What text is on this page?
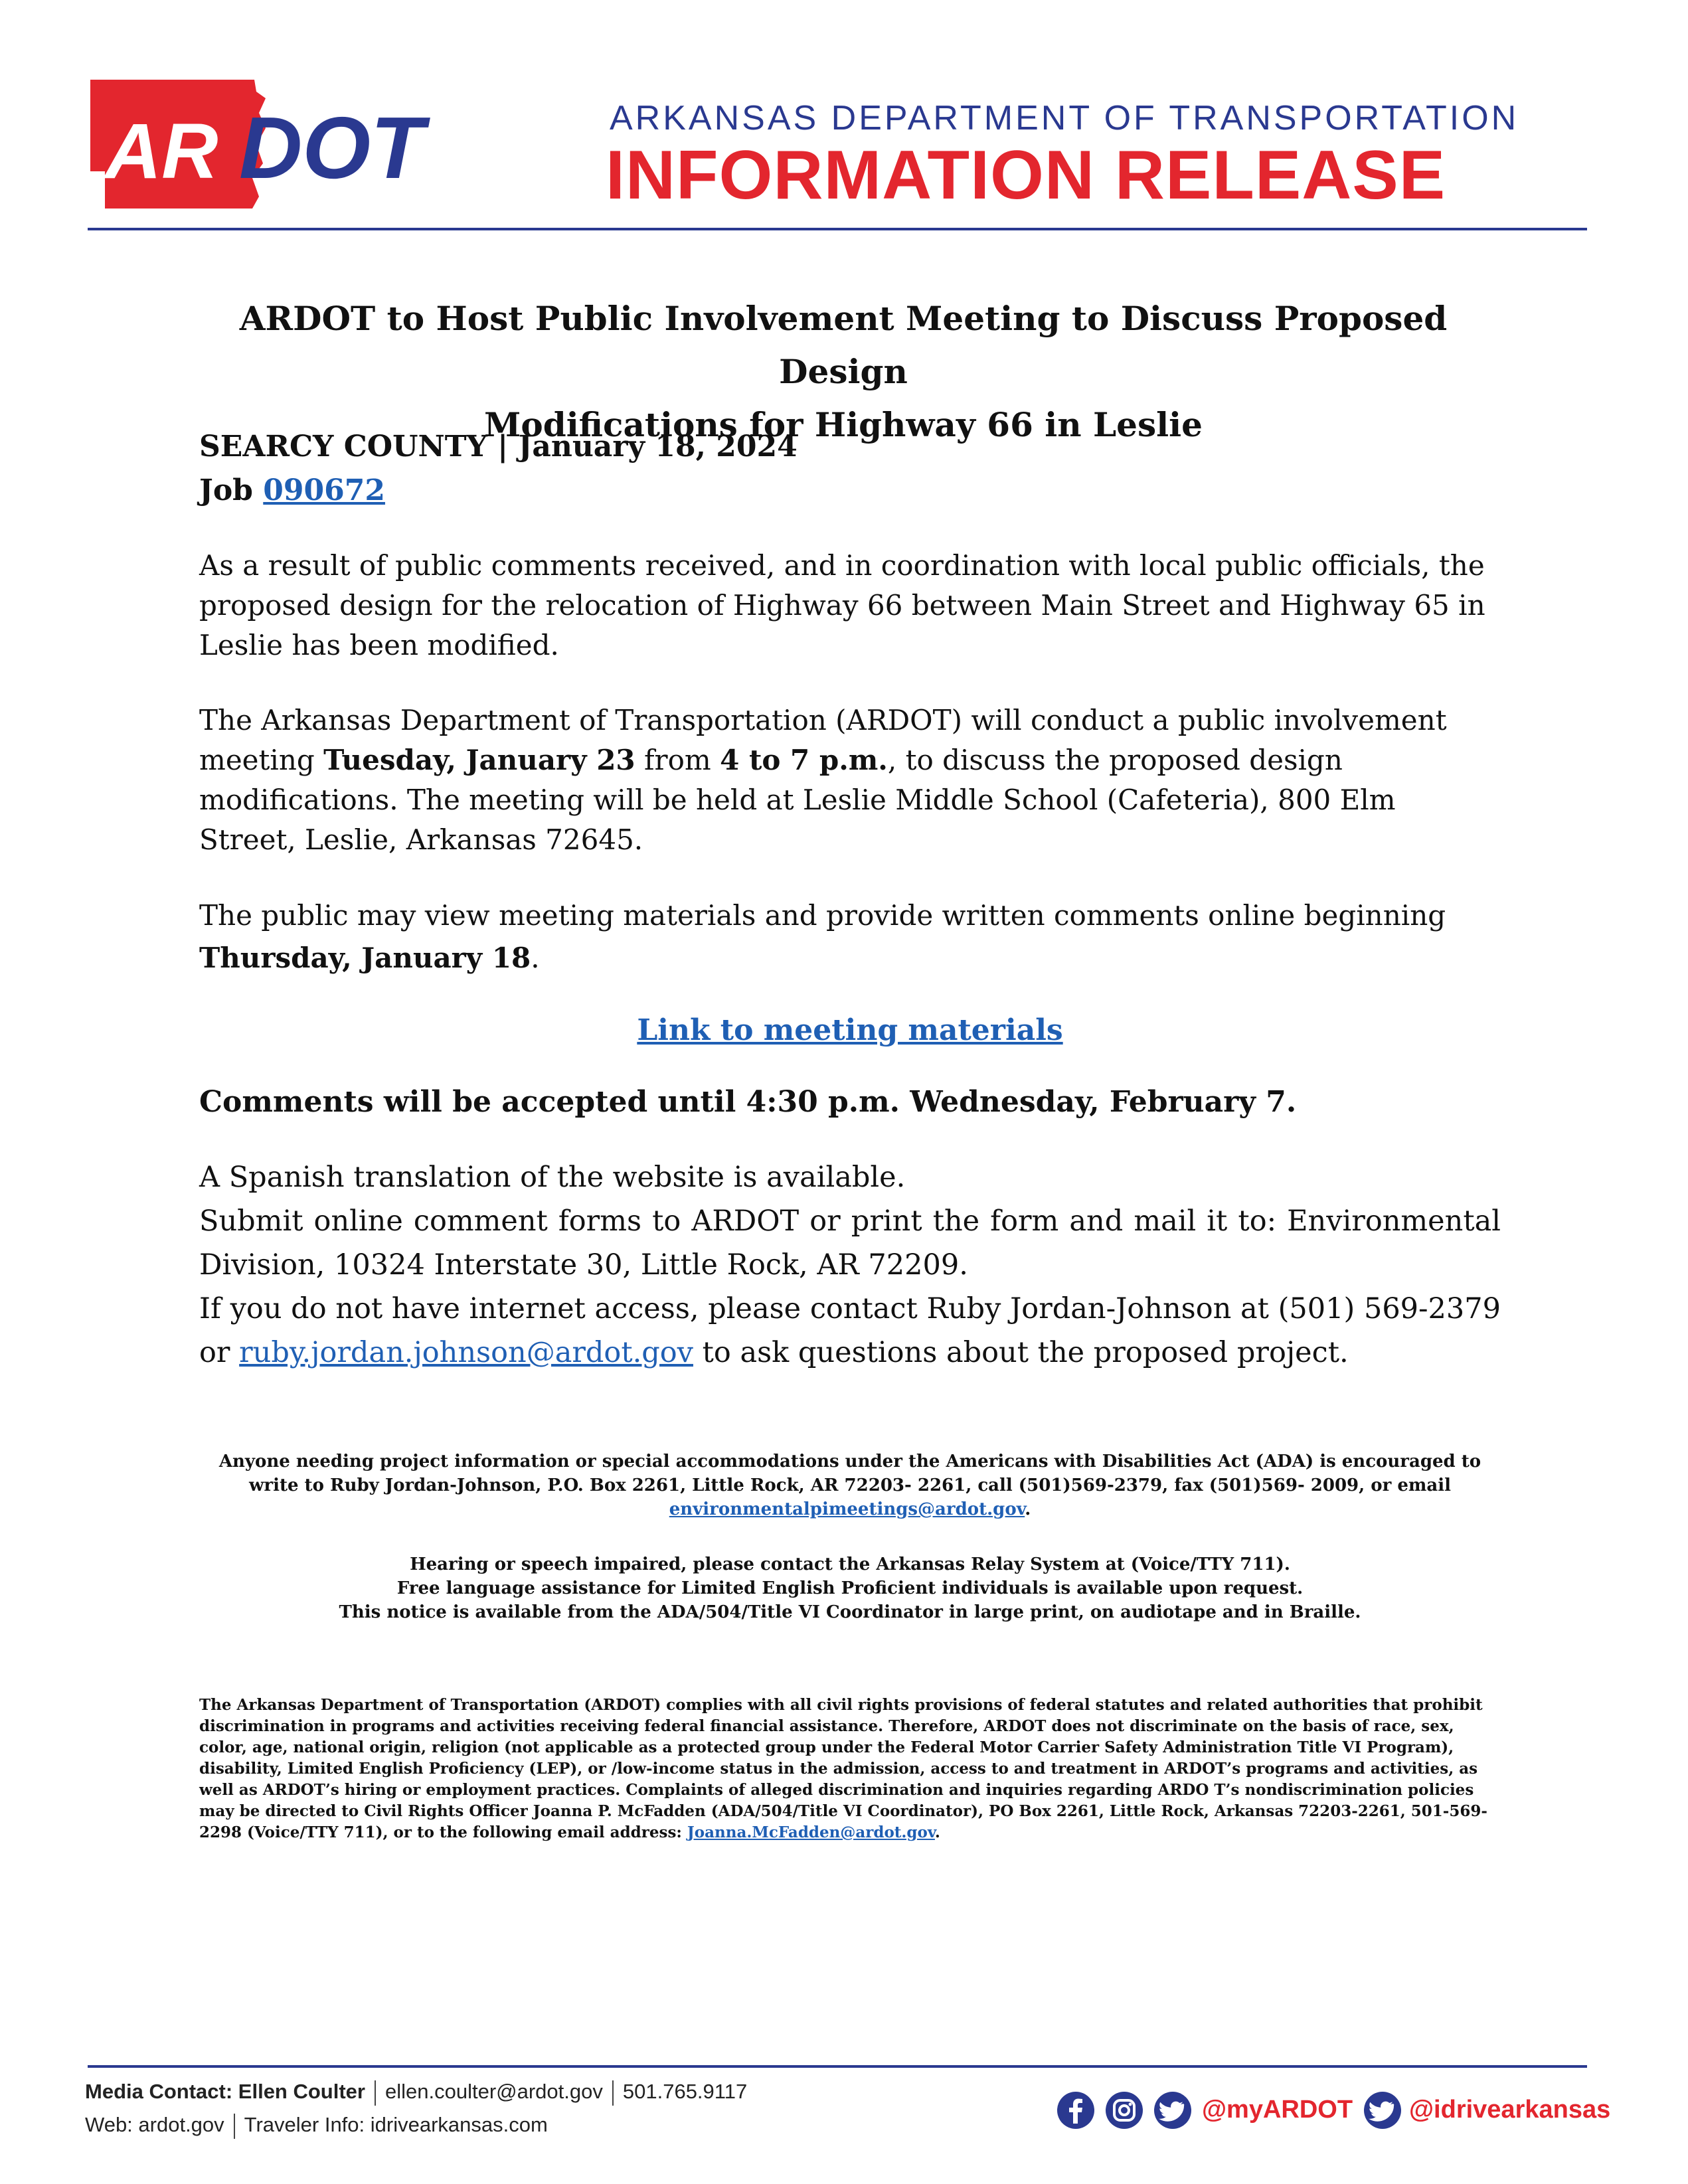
AR DOT	ARKANSAS DEPARTMENT OF TRANSPORTATION
INFORMATION RELEASE
ARDOT to Host Public Involvement Meeting to Discuss Proposed Design
Modifications for Highway 66 in Leslie
SEARCY COUNTY | January 18, 2024
Job 090672

As a result of public comments received, and in coordination with local public officials, the proposed design for the relocation of Highway 66 between Main Street and Highway 65 in Leslie has been modified.

The Arkansas Department of Transportation (ARDOT) will conduct a public involvement meeting Tuesday, January 23 from 4 to 7 p.m., to discuss the proposed design modifications. The meeting will be held at Leslie Middle School (Cafeteria), 800 Elm Street, Leslie, Arkansas 72645.

The public may view meeting materials and provide written comments online beginning Thursday, January 18.

Link to meeting materials
Comments will be accepted until 4:30 p.m. Wednesday, February 7.

A Spanish translation of the website is available.

Submit online comment forms to ARDOT or print the form and mail it to: Environmental Division, 10324 Interstate 30, Little Rock, AR 72209.

If you do not have internet access, please contact Ruby Jordan-Johnson at (501) 569-2379 or ruby.jordan.johnson@ardot.gov to ask questions about the proposed project.

Anyone needing project information or special accommodations under the Americans with Disabilities Act (ADA) is encouraged to write to Ruby Jordan-Johnson, P.O. Box 2261, Little Rock, AR 72203- 2261, call (501)569-2379, fax (501)569- 2009, or email environmentalpimeetings@ardot.gov.

Hearing or speech impaired, please contact the Arkansas Relay System at (Voice/TTY 711).
Free language assistance for Limited English Proficient individuals is available upon request.
This notice is available from the ADA/504/Title VI Coordinator in large print, on audiotape and in Braille.

The Arkansas Department of Transportation (ARDOT) complies with all civil rights provisions of federal statutes and related authorities that prohibit discrimination in programs and activities receiving federal financial assistance. Therefore, ARDOT does not discriminate on the basis of race, sex, color, age, national origin, religion (not applicable as a protected group under the Federal Motor Carrier Safety Administration Title VI Program), disability, Limited English Proficiency (LEP), or /low-income status in the admission, access to and treatment in ARDOT’s programs and activities, as well as ARDOT’s hiring or employment practices. Complaints of alleged discrimination and inquiries regarding ARDO T’s nondiscrimination policies may be directed to Civil Rights Officer Joanna P. McFadden (ADA/504/Title VI Coordinator), PO Box 2261, Little Rock, Arkansas 72203-2261, 501-569- 2298 (Voice/TTY 711), or to the following email address: Joanna.McFadden@ardot.gov.

Media Contact: Ellen Coulter ellen.coulter@ardot.gov 501.765.9117
Web: ardot.gov Traveler Info: idrivearkansas.com
@myARDOT @idrivearkansas
